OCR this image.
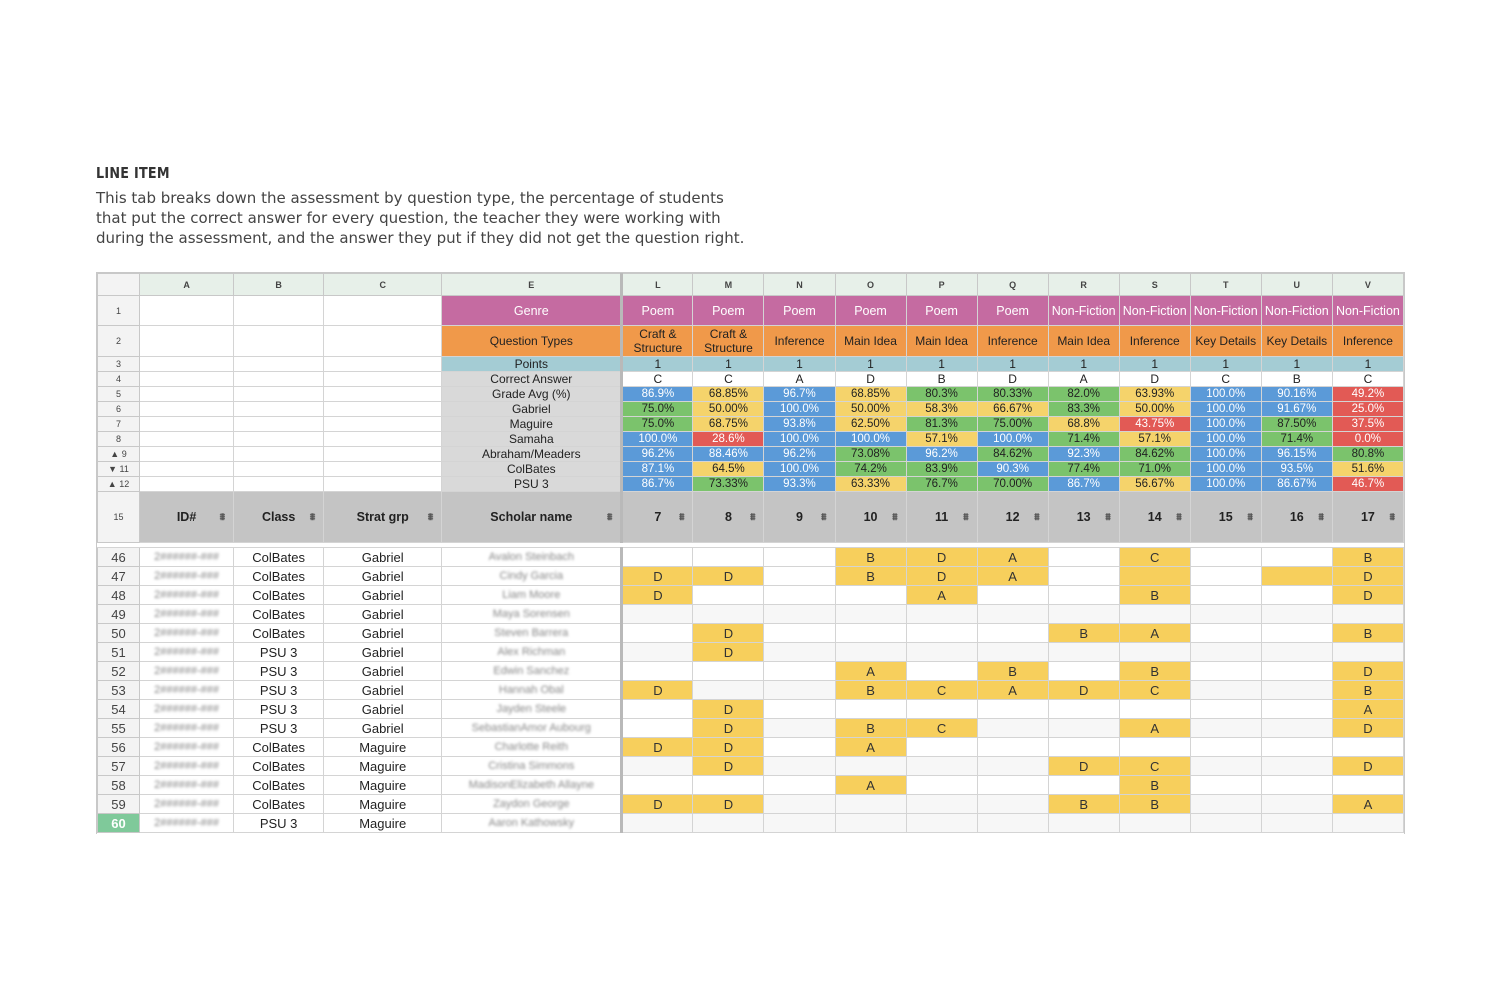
LINE ITEM
This tab breaks down the assessment by question type, the percentage of students
that put the correct answer for every question, the teacher they were working with
during the assessment, and the answer they put if they did not get the question right.
	A	B	C	E	L	M	N	O	P	Q	R	S	T	U	V
1				Genre	Poem	Poem	Poem	Poem	Poem	Poem	Non-Fiction	Non-Fiction	Non-Fiction	Non-Fiction	Non-Fiction
2				Question Types	Craft & Structure	Craft & Structure	Inference	Main Idea	Main Idea	Inference	Main Idea	Inference	Key Details	Key Details	Inference
3				Points	1	1	1	1	1	1	1	1	1	1	1
4				Correct Answer	C	C	A	D	B	D	A	D	C	B	C
5				Grade Avg (%)	86.9%	68.85%	96.7%	68.85%	80.3%	80.33%	82.0%	63.93%	100.0%	90.16%	49.2%
6				Gabriel	75.0%	50.00%	100.0%	50.00%	58.3%	66.67%	83.3%	50.00%	100.0%	91.67%	25.0%
7				Maguire	75.0%	68.75%	93.8%	62.50%	81.3%	75.00%	68.8%	43.75%	100.0%	87.50%	37.5%
8				Samaha	100.0%	28.6%	100.0%	100.0%	57.1%	100.0%	71.4%	57.1%	100.0%	71.4%	0.0%
▲ 9				Abraham/Meaders	96.2%	88.46%	96.2%	73.08%	96.2%	84.62%	92.3%	84.62%	100.0%	96.15%	80.8%
▼ 11				ColBates	87.1%	64.5%	100.0%	74.2%	83.9%	90.3%	77.4%	71.0%	100.0%	93.5%	51.6%
▲ 12				PSU 3	86.7%	73.33%	93.3%	63.33%	76.7%	70.00%	86.7%	56.67%	100.0%	86.67%	46.7%
15	ID# ⩩	Class ⩩	Strat grp ⩩	Scholar name ⩩	7 ⩩	8 ⩩	9 ⩩	10 ⩩	11 ⩩	12 ⩩	13 ⩩	14 ⩩	15 ⩩	16 ⩩	17 ⩩

46	2######-###	ColBates	Gabriel	Avalon Steinbach				B	D	A		C			B
47	2######-###	ColBates	Gabriel	Cindy Garcia	D	D		B	D	A					D
48	2######-###	ColBates	Gabriel	Liam Moore	D				A			B			D
49	2######-###	ColBates	Gabriel	Maya Sorensen											
50	2######-###	ColBates	Gabriel	Steven Barrera		D					B	A			B
51	2######-###	PSU 3	Gabriel	Alex Richman		D									
52	2######-###	PSU 3	Gabriel	Edwin Sanchez				A		B		B			D
53	2######-###	PSU 3	Gabriel	Hannah Obal	D			B	C	A	D	C			B
54	2######-###	PSU 3	Gabriel	Jayden Steele		D									A
55	2######-###	PSU 3	Gabriel	SebastianAmor Aubourg		D		B	C			A			D
56	2######-###	ColBates	Maguire	Charlotte Reith	D	D		A							
57	2######-###	ColBates	Maguire	Cristina Simmons		D					D	C			D
58	2######-###	ColBates	Maguire	MadisonElizabeth Allayne				A				B			
59	2######-###	ColBates	Maguire	Zaydon George	D	D					B	B			A
60	2######-###	PSU 3	Maguire	Aaron Kathowsky											
